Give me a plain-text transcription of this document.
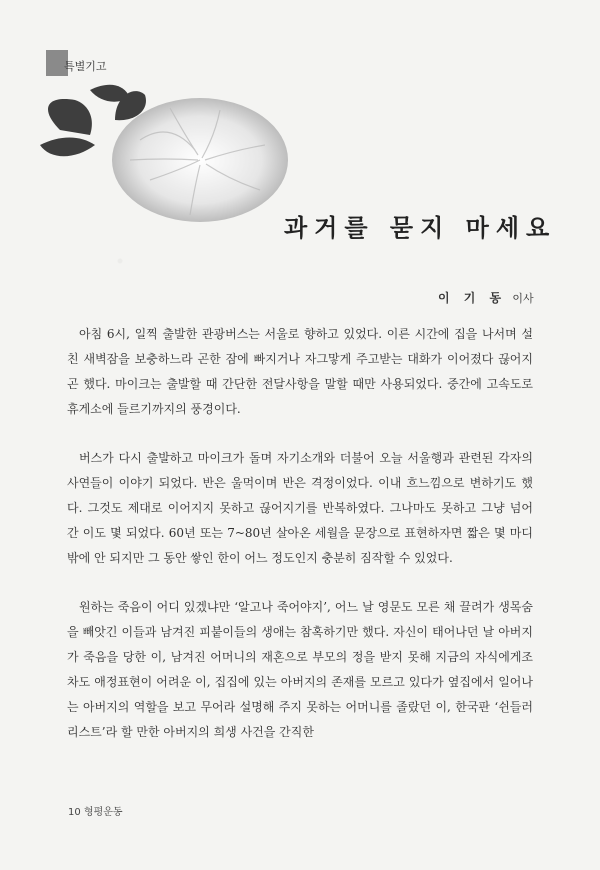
특별기고
과거를 묻지 마세요
이 기 동 이사

아침 6시, 일찍 출발한 관광버스는 서울로 향하고 있었다. 이른 시간에 집을 나서며 설친 새벽잠을 보충하느라 곤한 잠에 빠지거나 자그맣게 주고받는 대화가 이어졌다 끊어지곤 했다. 마이크는 출발할 때 간단한 전달사항을 말할 때만 사용되었다. 중간에 고속도로 휴게소에 들르기까지의 풍경이다.

버스가 다시 출발하고 마이크가 돌며 자기소개와 더불어 오늘 서울행과 관련된 각자의 사연들이 이야기 되었다. 반은 울먹이며 반은 격정이었다. 이내 흐느낌으로 변하기도 했다. 그것도 제대로 이어지지 못하고 끊어지기를 반복하였다. 그나마도 못하고 그냥 넘어 간 이도 몇 되었다. 60년 또는 7~80년 살아온 세월을 문장으로 표현하자면 짧은 몇 마디 밖에 안 되지만 그 동안 쌓인 한이 어느 정도인지 충분히 짐작할 수 있었다.

원하는 죽음이 어디 있겠냐만 ‘알고나 죽어야지’, 어느 날 영문도 모른 채 끌려가 생목숨을 빼앗긴 이들과 남겨진 피붙이들의 생애는 참혹하기만 했다. 자신이 태어나던 날 아버지가 죽음을 당한 이, 남겨진 어머니의 재혼으로 부모의 정을 받지 못해 지금의 자식에게조차도 애정표현이 어려운 이, 집집에 있는 아버지의 존재를 모르고 있다가 옆집에서 일어나는 아버지의 역할을 보고 무어라 설명해 주지 못하는 어머니를 졸랐던 이, 한국판 ‘쉰들러리스트’라 할 만한 아버지의 희생 사건을 간직한

10 형평운동
